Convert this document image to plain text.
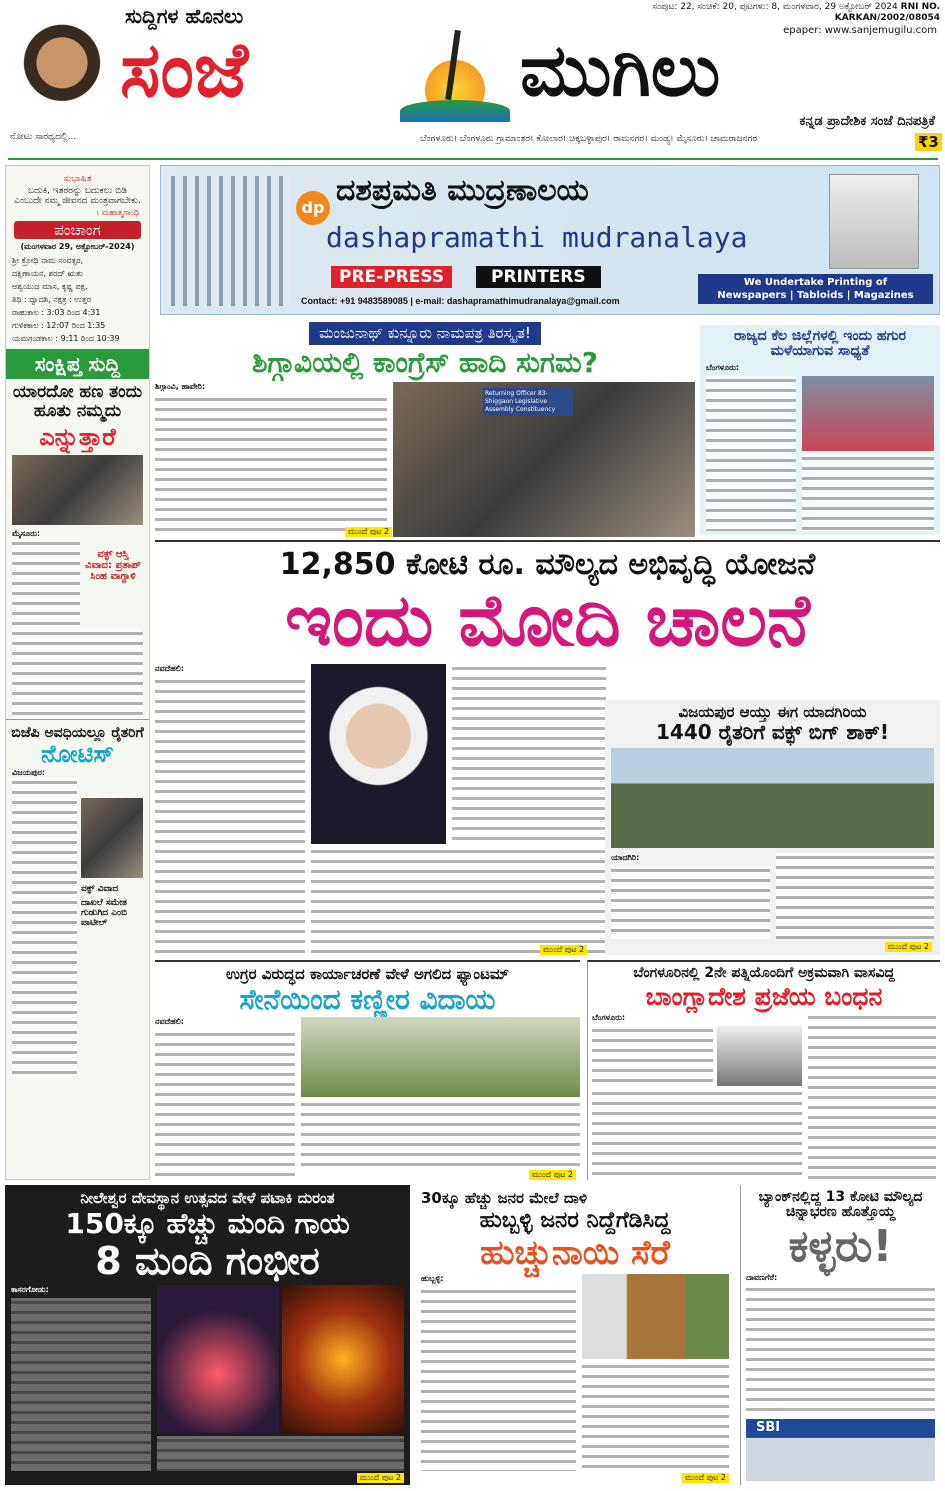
ನೋಟು ಸಾರಥ್ಯದಲ್ಲಿ...
ಸುದ್ದಿಗಳ ಹೊನಲು
ಸಂಜೆ	ಮುಗಿಲು
ಸಂಪುಟ: 22, ಸಂಚಿಕೆ: 20, ಪುಟಗಳು: 8, ಮಂಗಳವಾರ, 29 ಅಕ್ಟೋಬರ್ 2024 RNI NO. KARKAN/2002/08054
epaper: www.sanjemugilu.com
ಕನ್ನಡ ಪ್ರಾದೇಶಿಕ ಸಂಜೆ ದಿನಪತ್ರಿಕೆ
ಬೆಂಗಳೂರು। ಬೆಂಗಳೂರು ಗ್ರಾಮಾಂತರ। ಕೋಲಾರ। ಚಿಕ್ಕಬಳ್ಳಾಪುರ। ರಾಮನಗರ। ಮಂಡ್ಯ। ಮೈಸೂರು। ಚಾಮರಾಜನಗರ	₹3
ಸುಭಾಷಿತ
ಬದುಕಿ, ಇತರರನ್ನು ಬದುಕಲು ಬಿಡಿ ಎಂಬುದೇ ನಮ್ಮ ಜೀವನದ ಮಂತ್ರವಾಗಬೇಕು.
। ಮಹಾತ್ಮಗಾಂಧಿ
ಪಂಚಾಂಗ
(ಮಂಗಳವಾರ 29, ಅಕ್ಟೋಬರ್-2024)
ಶ್ರೀ ಕ್ರೋಧಿ ನಾಮ ಸಂವತ್ಸರ,
ದಕ್ಷಿಣಾಯನ, ಶರದ್ ಋತು
ಆಶ್ವಯುಜ ಮಾಸ, ಕೃಷ್ಣ ಪಕ್ಷ,
ತಿಥಿ : ದ್ವಾದಶಿ, ನಕ್ಷತ್ರ : ಉತ್ತರ
ರಾಹುಕಾಲ : 3:03 ರಿಂದ 4:31
ಗುಳಿಕಕಾಲ : 12:07 ರಿಂದ 1:35
ಯಮಗಂಡಕಾಲ : 9:11 ರಿಂದ 10:39
ಸಂಕ್ಷಿಪ್ತ ಸುದ್ದಿ
ಯಾರದೋ ಹಣ ತಂದು ಹೂತು ನಮ್ಮದು
ಎನ್ನುತ್ತಾರೆ
ಮೈಸೂರು:
ವಕ್ಫ್ ಆಸ್ತಿ ವಿವಾದ: ಪ್ರತಾಪ್ ಸಿಂಹ ವಾಗ್ದಾಳಿ
ಬಿಜೆಪಿ ಅವಧಿಯಲ್ಲೂ ರೈತರಿಗೆ
ನೋಟಿಸ್
ವಿಜಯಪುರ:
ವಕ್ಫ್ ವಿವಾದ
ದಾಖಲೆ ಸಮೇತ ಗುಡುಗಿದ ಎಂಬಿ ಪಾಟೀಲ್
dp ದಶಪ್ರಮತಿ ಮುದ್ರಣಾಲಯ
dashapramathi mudranalaya
PRE-PRESS	PRINTERS
Contact: +91 9483589085 | e-mail: dashapramathimudranalaya@gmail.com
We Undertake Printing of
Newspapers | Tabloids | Magazines
ಮಂಜುನಾಥ್ ಕುನ್ನೂರು ನಾಮಪತ್ರ ತಿರಸ್ಕೃತ!
ಶಿಗ್ಗಾವಿಯಲ್ಲಿ ಕಾಂಗ್ರೆಸ್ ಹಾದಿ ಸುಗಮ?
ಶಿಗ್ಗಾಂವಿ, ಹಾವೇರಿ:
Returning Officer 83-Shiggaon Legislative Assembly Constituency
ಮುಂದೆ ಪುಟ 2
ರಾಜ್ಯದ ಕೆಲ ಜಿಲ್ಲೆಗಳಲ್ಲಿ ಇಂದು ಹಗುರ ಮಳೆಯಾಗುವ ಸಾಧ್ಯತೆ
ಬೆಂಗಳೂರು:
12,850 ಕೋಟಿ ರೂ. ಮೌಲ್ಯದ ಅಭಿವೃದ್ಧಿ ಯೋಜನೆ
ಇಂದು ಮೋದಿ ಚಾಲನೆ
ನವದೆಹಲಿ:
ಮುಂದೆ ಪುಟ 2
ವಿಜಯಪುರ ಆಯ್ತು ಈಗ ಯಾದಗಿರಿಯ
1440 ರೈತರಿಗೆ ವಕ್ಫ್ ಬಿಗ್ ಶಾಕ್!
ಯಾದಗಿರಿ:
ಮುಂದೆ ಪುಟ 2
ಉಗ್ರರ ವಿರುದ್ಧದ ಕಾರ್ಯಾಚರಣೆ ವೇಳೆ ಅಗಲಿದ ಫ್ಯಾಂಟಮ್
ಸೇನೆಯಿಂದ ಕಣ್ಣೀರ ವಿದಾಯ
ನವದೆಹಲಿ:
ಮುಂದೆ ಪುಟ 2
ಬೆಂಗಳೂರಿನಲ್ಲಿ 2ನೇ ಪತ್ನಿಯೊಂದಿಗೆ ಅಕ್ರಮವಾಗಿ ವಾಸವಿದ್ದ
ಬಾಂಗ್ಲಾದೇಶ ಪ್ರಜೆಯ ಬಂಧನ
ಬೆಂಗಳೂರು:
ನೀಲೇಶ್ವರ ದೇವಸ್ಥಾನ ಉತ್ಸವದ ವೇಳೆ ಪಟಾಕಿ ದುರಂತ
150ಕ್ಕೂ ಹೆಚ್ಚು ಮಂದಿ ಗಾಯ
8 ಮಂದಿ ಗಂಭೀರ
ಕಾಸರಗೋಡು:
ಮುಂದೆ ಪುಟ 2
30ಕ್ಕೂ ಹೆಚ್ಚು ಜನರ ಮೇಲೆ ದಾಳಿ
ಹುಬ್ಬಳ್ಳಿ ಜನರ ನಿದ್ದೆಗೆಡಿಸಿದ್ದ
ಹುಚ್ಚುನಾಯಿ ಸೆರೆ
ಹುಬ್ಬಳ್ಳಿ:
ಮುಂದೆ ಪುಟ 2
ಬ್ಯಾಂಕ್‌ನಲ್ಲಿದ್ದ 13 ಕೋಟಿ ಮೌಲ್ಯದ ಚಿನ್ನಾಭರಣ ಹೊತ್ತೊಯ್ದ
ಕಳ್ಳರು!
ದಾವಣಗೆರೆ:
SBI
